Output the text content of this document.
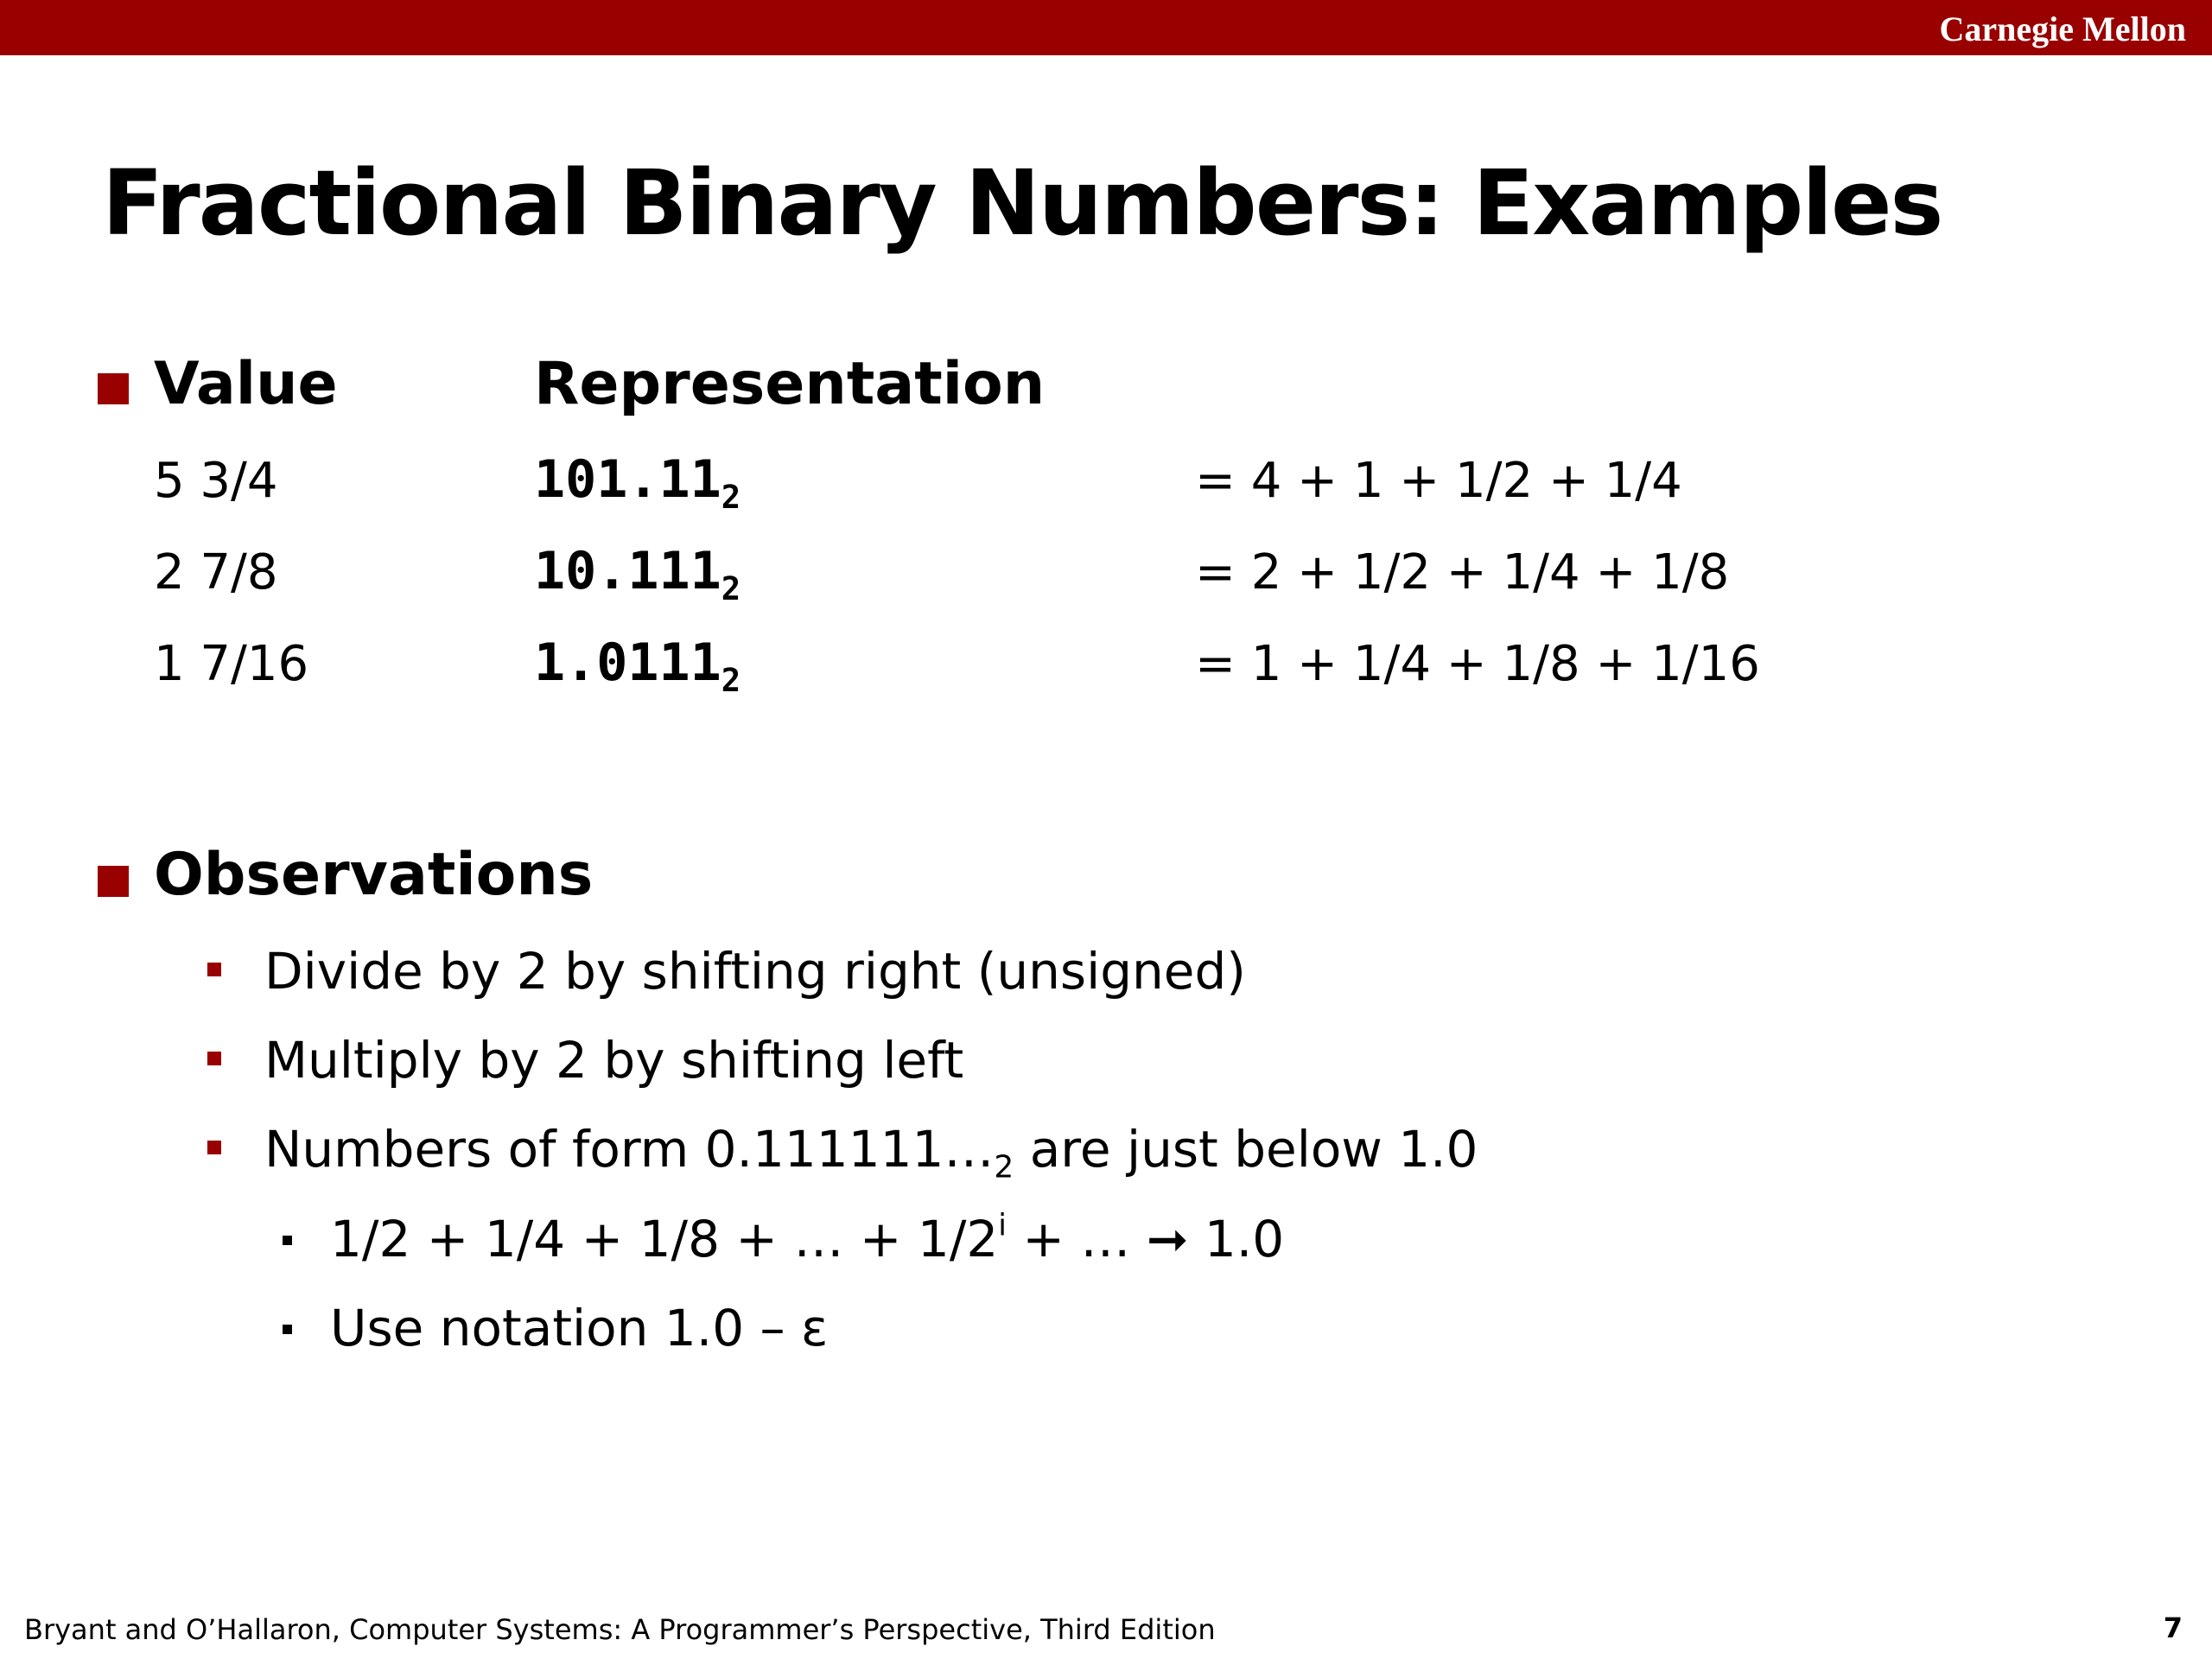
Carnegie Mellon
Fractional Binary Numbers: Examples
Value	Representation
5 3/4	$101.11_2$	= 4 + 1 + 1/2 + 1/4
2 7/8	$10.111_2$	= 2 + 1/2 + 1/4 + 1/8
1 7/16	$1.0111_2$	= 1 + 1/4 + 1/8 + 1/16
Observations
Divide by 2 by shifting right (unsigned)
Multiply by 2 by shifting left
Numbers of form $0.111111\dots_2$ are just below 1.0
1/2 + 1/4 + 1/8 + … + $1/2^i$ + … ➞ 1.0
Use notation 1.0 – ε
Bryant and O’Hallaron, Computer Systems: A Programmer’s Perspective, Third Edition	7
